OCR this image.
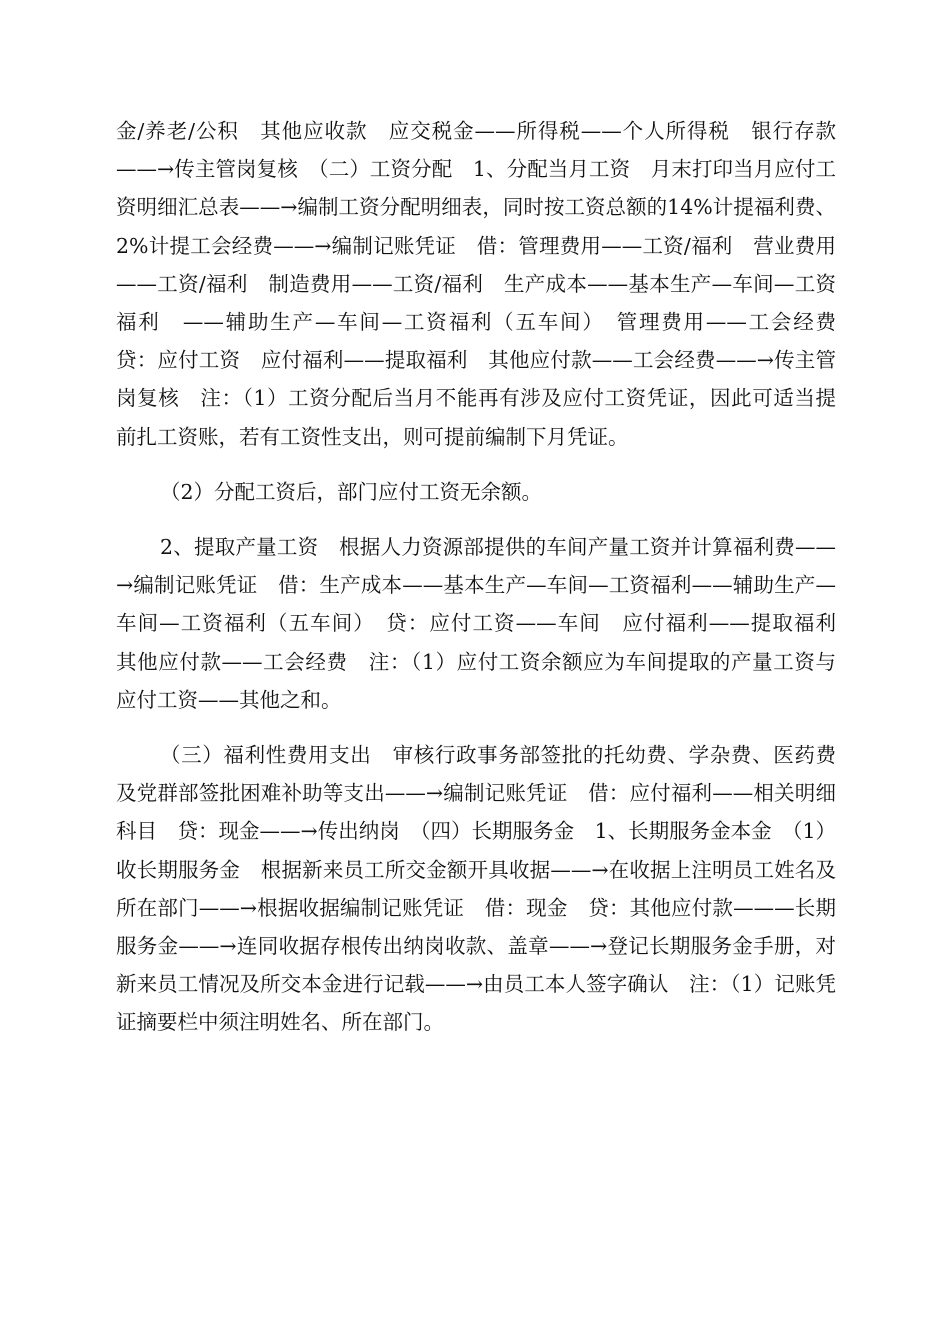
金/养老/公积　其他应收款　应交税金——所得税——个人所得税　银行存款——→传主管岗复核　（二）工资分配　1、分配当月工资　月末打印当月应付工资明细汇总表——→编制工资分配明细表，同时按工资总额的14%计提福利费、2%计提工会经费——→编制记账凭证　借：管理费用——工资/福利　营业费用——工资/福利　制造费用——工资/福利　生产成本——基本生产—车间—工资福利　——辅助生产—车间—工资福利（五车间）　管理费用——工会经费　贷：应付工资　应付福利——提取福利　其他应付款——工会经费——→传主管岗复核　注：（1）工资分配后当月不能再有涉及应付工资凭证，因此可适当提前扎工资账，若有工资性支出，则可提前编制下月凭证。

（2）分配工资后，部门应付工资无余额。

2、提取产量工资　根据人力资源部提供的车间产量工资并计算福利费——→编制记账凭证　借：生产成本——基本生产—车间—工资福利——辅助生产—车间—工资福利（五车间）　贷：应付工资——车间　应付福利——提取福利　其他应付款——工会经费　注：（1）应付工资余额应为车间提取的产量工资与应付工资——其他之和。

（三）福利性费用支出　审核行政事务部签批的托幼费、学杂费、医药费及党群部签批困难补助等支出——→编制记账凭证　借：应付福利——相关明细科目　贷：现金——→传出纳岗　（四）长期服务金　1、长期服务金本金　（1）收长期服务金　根据新来员工所交金额开具收据——→在收据上注明员工姓名及所在部门——→根据收据编制记账凭证　借：现金　贷：其他应付款———长期服务金——→连同收据存根传出纳岗收款、盖章——→登记长期服务金手册，对新来员工情况及所交本金进行记载——→由员工本人签字确认　注：（1）记账凭证摘要栏中须注明姓名、所在部门。
